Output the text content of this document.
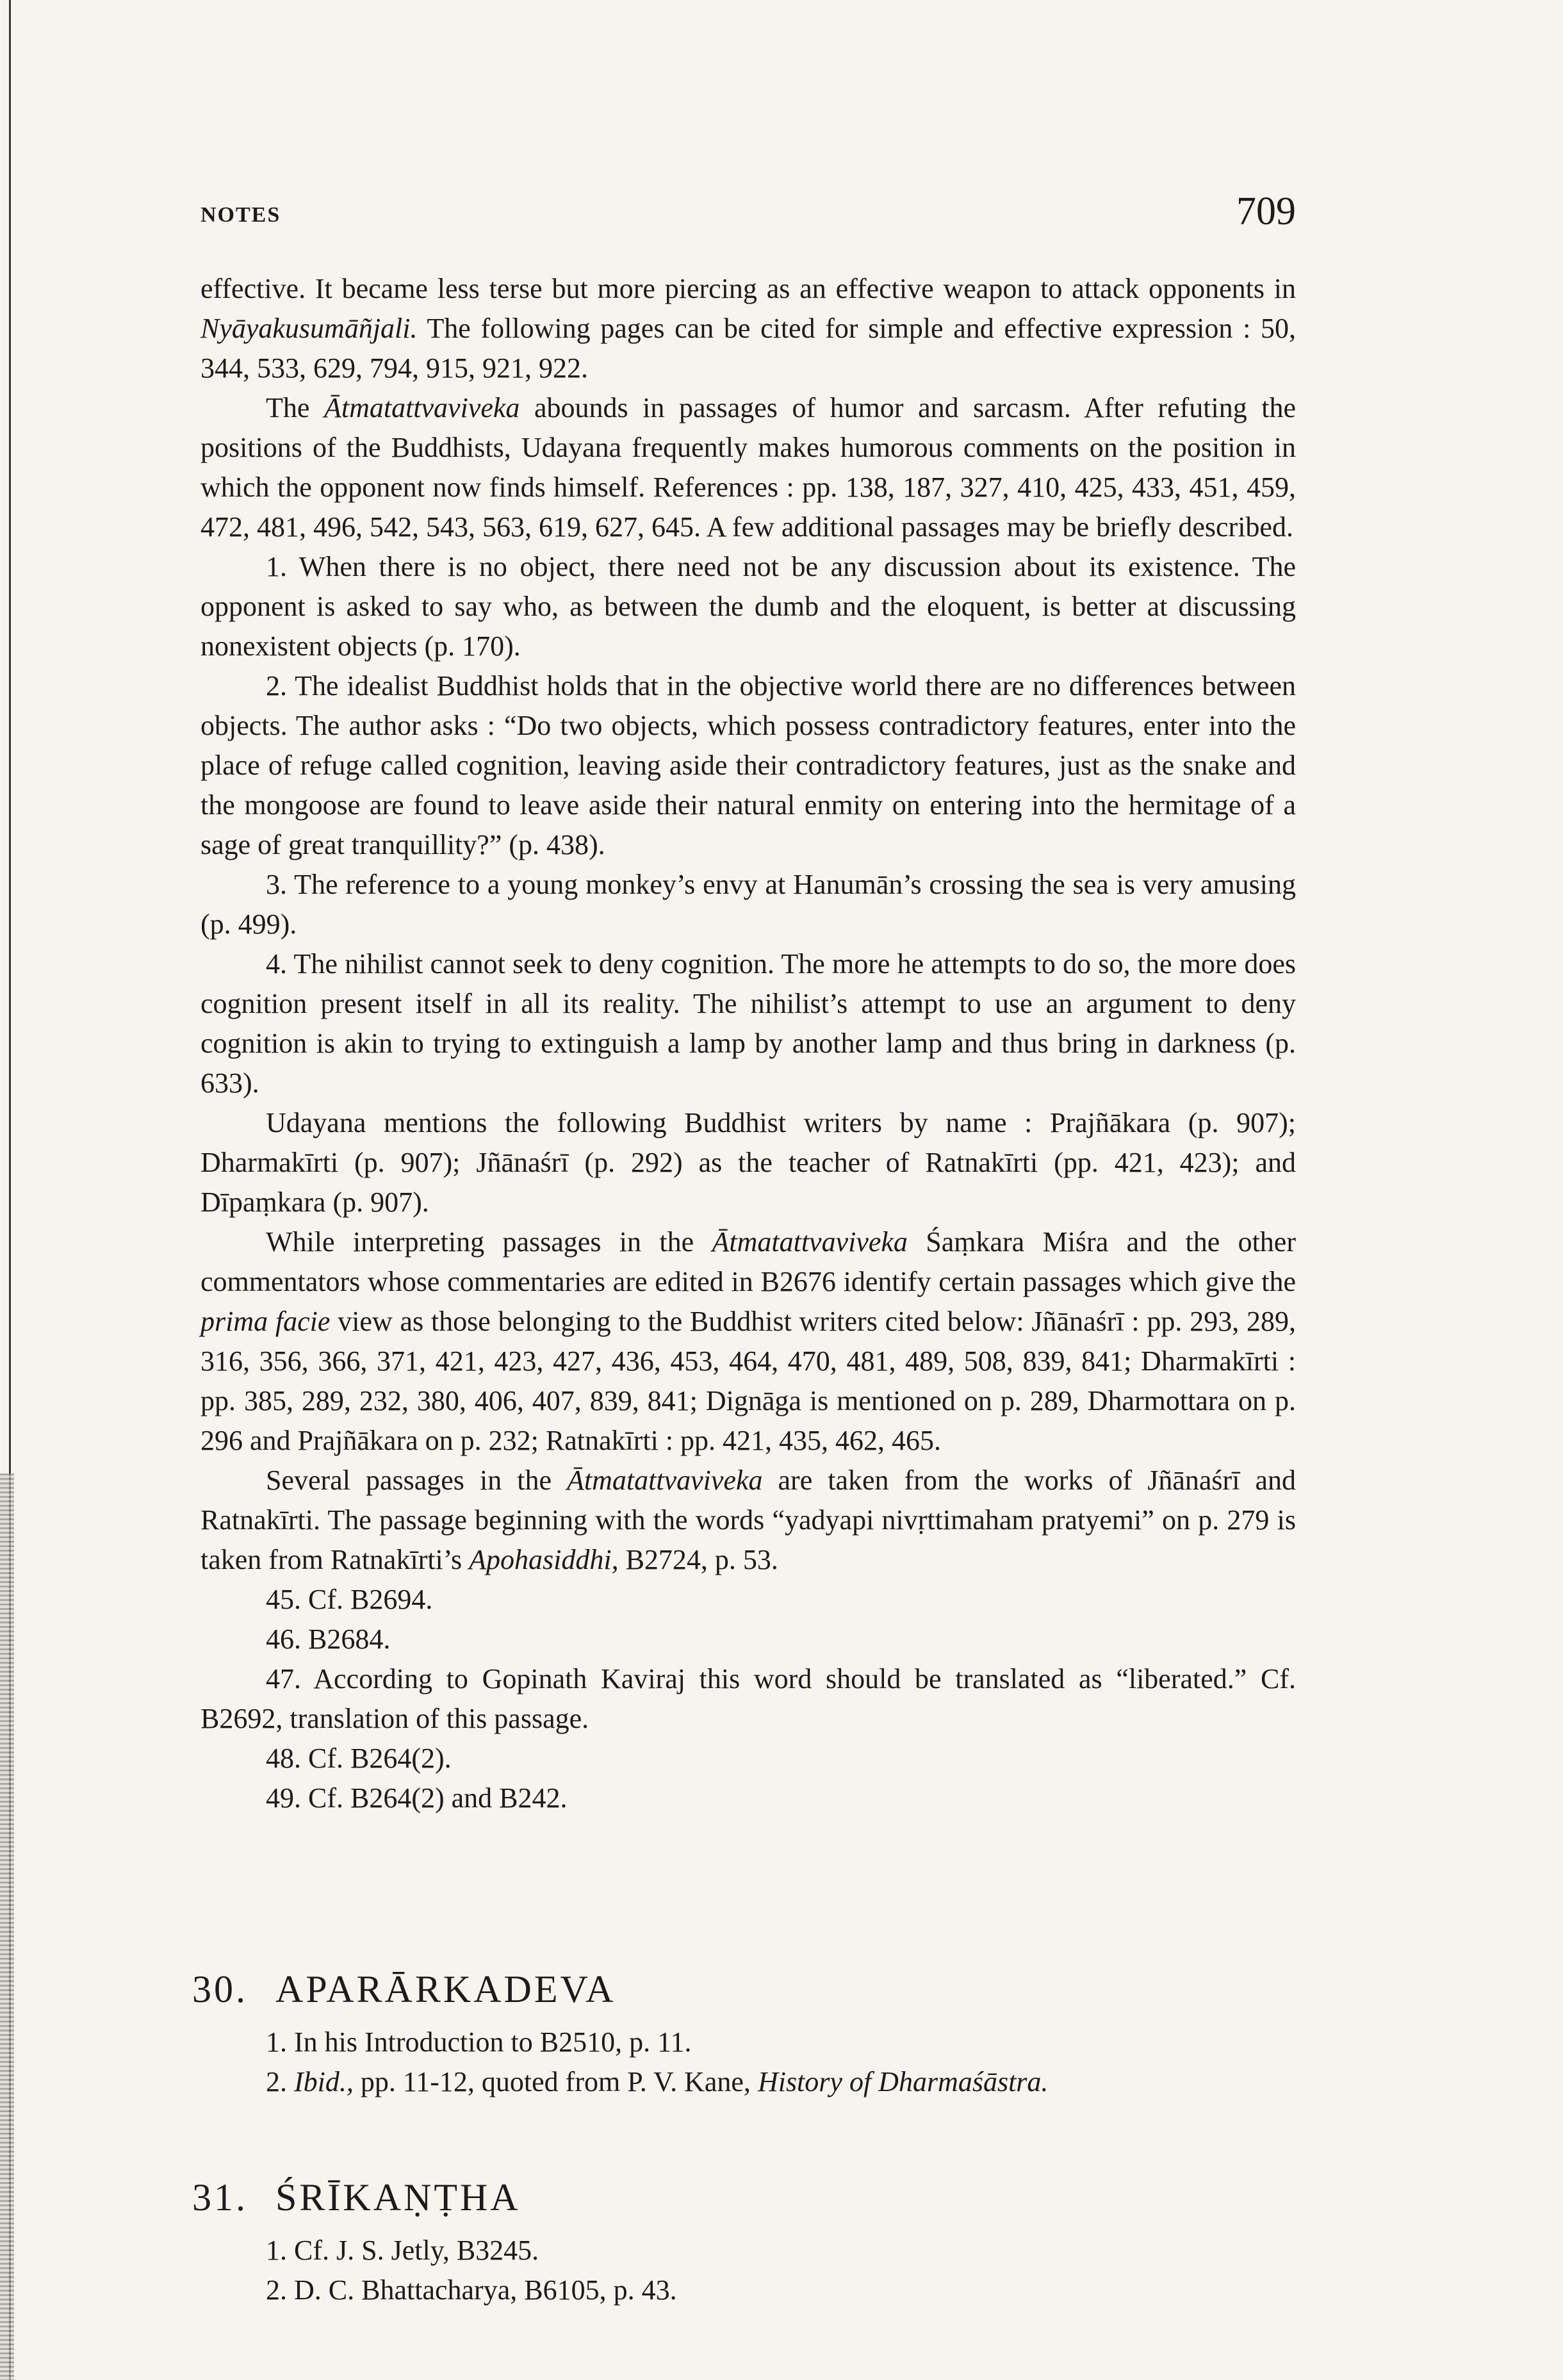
NOTES	709

effective. It became less terse but more piercing as an effective weapon to attack opponents in Nyāyakusumāñjali. The following pages can be cited for simple and effective expression : 50, 344, 533, 629, 794, 915, 921, 922.

The Ātmatattvaviveka abounds in passages of humor and sarcasm. After refuting the positions of the Buddhists, Udayana frequently makes humorous comments on the position in which the opponent now finds himself. References : pp. 138, 187, 327, 410, 425, 433, 451, 459, 472, 481, 496, 542, 543, 563, 619, 627, 645. A few additional passages may be briefly described.

1. When there is no object, there need not be any discussion about its existence. The opponent is asked to say who, as between the dumb and the eloquent, is better at discussing nonexistent objects (p. 170).

2. The idealist Buddhist holds that in the objective world there are no differences between objects. The author asks : “Do two objects, which possess contradictory features, enter into the place of refuge called cognition, leaving aside their contradictory features, just as the snake and the mongoose are found to leave aside their natural enmity on entering into the hermitage of a sage of great tranquillity?” (p. 438).

3. The reference to a young monkey’s envy at Hanumān’s crossing the sea is very amusing (p. 499).

4. The nihilist cannot seek to deny cognition. The more he attempts to do so, the more does cognition present itself in all its reality. The nihilist’s attempt to use an argument to deny cognition is akin to trying to extinguish a lamp by another lamp and thus bring in darkness (p. 633).

Udayana mentions the following Buddhist writers by name : Prajñākara (p. 907); Dharmakīrti (p. 907); Jñānaśrī (p. 292) as the teacher of Ratnakīrti (pp. 421, 423); and Dīpaṃkara (p. 907).

While interpreting passages in the Ātmatattvaviveka Śaṃkara Miśra and the other commentators whose commentaries are edited in B2676 identify certain passages which give the prima facie view as those belonging to the Buddhist writers cited below: Jñānaśrī : pp. 293, 289, 316, 356, 366, 371, 421, 423, 427, 436, 453, 464, 470, 481, 489, 508, 839, 841; Dharmakīrti : pp. 385, 289, 232, 380, 406, 407, 839, 841; Dignāga is mentioned on p. 289, Dharmottara on p. 296 and Prajñākara on p. 232; Ratnakīrti : pp. 421, 435, 462, 465.

Several passages in the Ātmatattvaviveka are taken from the works of Jñānaśrī and Ratnakīrti. The passage beginning with the words “yadyapi nivṛttimaham pratyemi” on p. 279 is taken from Ratnakīrti’s Apohasiddhi, B2724, p. 53.

45. Cf. B2694.

46. B2684.

47. According to Gopinath Kaviraj this word should be translated as “liberated.” Cf. B2692, translation of this passage.

48. Cf. B264(2).

49. Cf. B264(2) and B242.

30. APARĀRKADEVA

1. In his Introduction to B2510, p. 11.

2. Ibid., pp. 11-12, quoted from P. V. Kane, History of Dharmaśāstra.

31. ŚRĪKAṆṬHA

1. Cf. J. S. Jetly, B3245.

2. D. C. Bhattacharya, B6105, p. 43.
